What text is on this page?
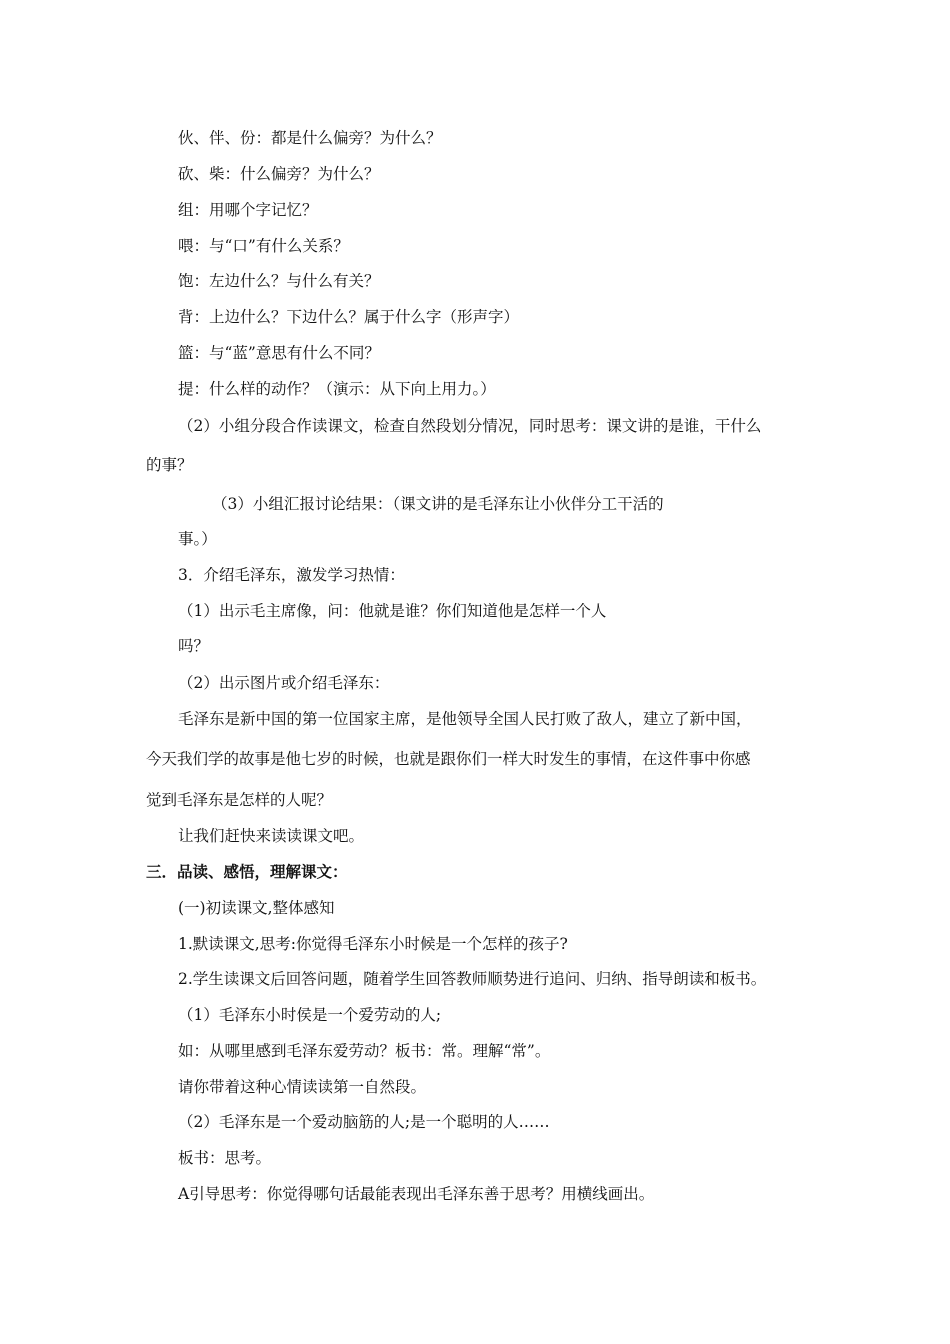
伙、伴、份：都是什么偏旁？为什么？
砍、柴：什么偏旁？为什么？
组：用哪个字记忆？
喂：与“口”有什么关系？
饱：左边什么？与什么有关？
背：上边什么？下边什么？属于什么字（形声字）
篮：与“蓝”意思有什么不同？
提：什么样的动作？（演示：从下向上用力。）
（2）小组分段合作读课文，检查自然段划分情况，同时思考：课文讲的是谁，干什么
的事？
（3）小组汇报讨论结果：（课文讲的是毛泽东让小伙伴分工干活的
事。）
3．介绍毛泽东，激发学习热情：
（1）出示毛主席像，问：他就是谁？你们知道他是怎样一个人
吗？
（2）出示图片或介绍毛泽东：
毛泽东是新中国的第一位国家主席，是他领导全国人民打败了敌人，建立了新中国，
今天我们学的故事是他七岁的时候，也就是跟你们一样大时发生的事情，在这件事中你感
觉到毛泽东是怎样的人呢？
让我们赶快来读读课文吧。
三．品读、感悟，理解课文：
(一)初读课文,整体感知
1.默读课文,思考:你觉得毛泽东小时候是一个怎样的孩子?
2.学生读课文后回答问题，随着学生回答教师顺势进行追问、归纳、指导朗读和板书。
（1）毛泽东小时侯是一个爱劳动的人;
如：从哪里感到毛泽东爱劳动？板书：常。理解“常”。
请你带着这种心情读读第一自然段。
（2）毛泽东是一个爱动脑筋的人;是一个聪明的人……
板书：思考。
A引导思考：你觉得哪句话最能表现出毛泽东善于思考？用横线画出。
